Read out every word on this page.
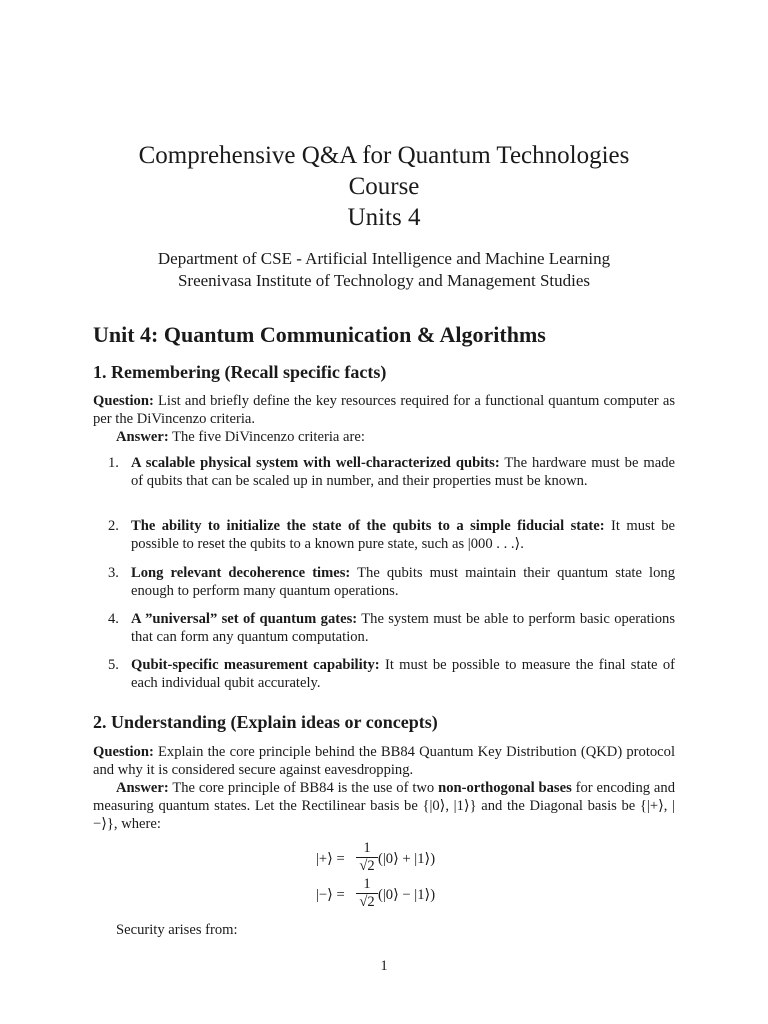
Comprehensive Q&A for Quantum Technologies
Course
Units 4
Department of CSE - Artificial Intelligence and Machine Learning
Sreenivasa Institute of Technology and Management Studies
Unit 4: Quantum Communication & Algorithms
1. Remembering (Recall specific facts)
Question: List and briefly define the key resources required for a functional quantum computer as per the DiVincenzo criteria.
Answer: The five DiVincenzo criteria are:
1. A scalable physical system with well-characterized qubits: The hardware must be made of qubits that can be scaled up in number, and their properties must be known.
2. The ability to initialize the state of the qubits to a simple fiducial state: It must be possible to reset the qubits to a known pure state, such as |000 . . .⟩.
3. Long relevant decoherence times: The qubits must maintain their quantum state long enough to perform many quantum operations.
4. A ”universal” set of quantum gates: The system must be able to perform basic operations that can form any quantum computation.
5. Qubit-specific measurement capability: It must be possible to measure the final state of each individual qubit accurately.
2. Understanding (Explain ideas or concepts)
Question: Explain the core principle behind the BB84 Quantum Key Distribution (QKD) protocol and why it is considered secure against eavesdropping.
Answer: The core principle of BB84 is the use of two non-orthogonal bases for encoding and measuring quantum states. Let the Rectilinear basis be {|0⟩, |1⟩} and the Diagonal basis be {|+⟩, |−⟩}, where:
|+⟩ =
1
√2 (|0⟩ + |1⟩)
|−⟩ =
1
√2 (|0⟩ − |1⟩)
Security arises from:
1
